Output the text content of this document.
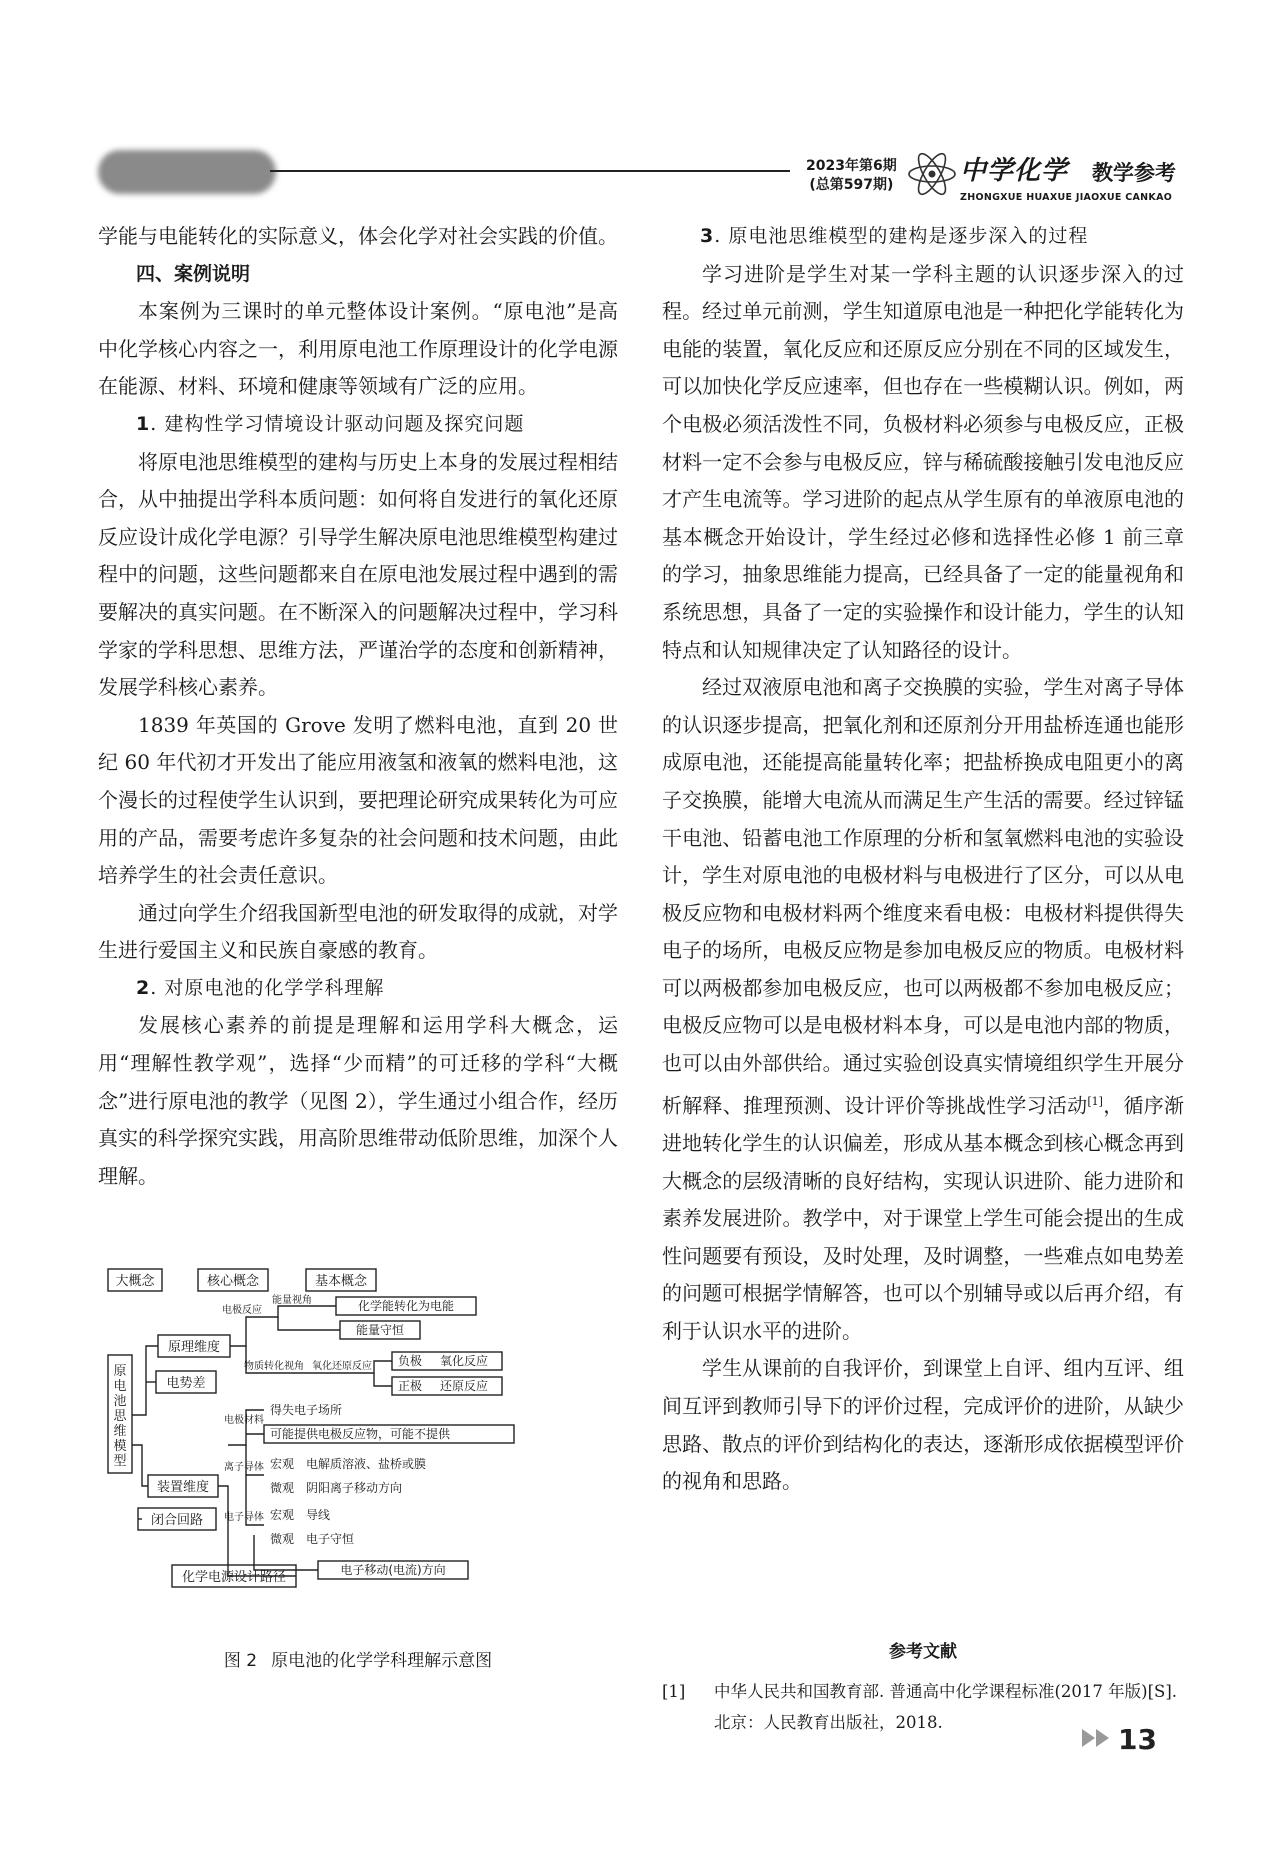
2023年第6期
(总第597期)	中学化学 教学参考
ZHONGXUE HUAXUE JIAOXUE CANKAO

学能与电能转化的实际意义，体会化学对社会实践的价值。

四、案例说明

本案例为三课时的单元整体设计案例。“原电池”是高中化学核心内容之一，利用原电池工作原理设计的化学电源在能源、材料、环境和健康等领域有广泛的应用。

1. 建构性学习情境设计驱动问题及探究问题

将原电池思维模型的建构与历史上本身的发展过程相结合，从中抽提出学科本质问题：如何将自发进行的氧化还原反应设计成化学电源？引导学生解决原电池思维模型构建过程中的问题，这些问题都来自在原电池发展过程中遇到的需要解决的真实问题。在不断深入的问题解决过程中，学习科学家的学科思想、思维方法，严谨治学的态度和创新精神，发展学科核心素养。

1839 年英国的 Grove 发明了燃料电池，直到 20 世纪 60 年代初才开发出了能应用液氢和液氧的燃料电池，这个漫长的过程使学生认识到，要把理论研究成果转化为可应用的产品，需要考虑许多复杂的社会问题和技术问题，由此培养学生的社会责任意识。

通过向学生介绍我国新型电池的研发取得的成就，对学生进行爱国主义和民族自豪感的教育。

2. 对原电池的化学学科理解

发展核心素养的前提是理解和运用学科大概念，运用“理解性教学观”，选择“少而精”的可迁移的学科“大概念”进行原电池的教学（见图 2），学生通过小组合作，经历真实的科学探究实践，用高阶思维带动低阶思维，加深个人理解。

大概念	核心概念	基本概念
原电池思维模型
原理维度
电势差
装置维度
闭合回路
化学电源设计路径
电极反应
能量视角
物质转化视角 氧化还原反应
电极材料
离子导体
电子导体
化学能转化为电能
能量守恒
负极 氧化反应
正极 还原反应
得失电子场所
可能提供电极反应物，可能不提供
宏观 电解质溶液、盐桥或膜
微观 阴阳离子移动方向
宏观 导线
微观 电子守恒
电子移动(电流)方向
图 2 原电池的化学学科理解示意图

3. 原电池思维模型的建构是逐步深入的过程

学习进阶是学生对某一学科主题的认识逐步深入的过程。经过单元前测，学生知道原电池是一种把化学能转化为电能的装置，氧化反应和还原反应分别在不同的区域发生，可以加快化学反应速率，但也存在一些模糊认识。例如，两个电极必须活泼性不同，负极材料必须参与电极反应，正极材料一定不会参与电极反应，锌与稀硫酸接触引发电池反应才产生电流等。学习进阶的起点从学生原有的单液原电池的基本概念开始设计，学生经过必修和选择性必修 1 前三章的学习，抽象思维能力提高，已经具备了一定的能量视角和系统思想，具备了一定的实验操作和设计能力，学生的认知特点和认知规律决定了认知路径的设计。

经过双液原电池和离子交换膜的实验，学生对离子导体的认识逐步提高，把氧化剂和还原剂分开用盐桥连通也能形成原电池，还能提高能量转化率；把盐桥换成电阻更小的离子交换膜，能增大电流从而满足生产生活的需要。经过锌锰干电池、铅蓄电池工作原理的分析和氢氧燃料电池的实验设计，学生对原电池的电极材料与电极进行了区分，可以从电极反应物和电极材料两个维度来看电极：电极材料提供得失电子的场所，电极反应物是参加电极反应的物质。电极材料可以两极都参加电极反应，也可以两极都不参加电极反应；电极反应物可以是电极材料本身，可以是电池内部的物质，也可以由外部供给。通过实验创设真实情境组织学生开展分析解释、推理预测、设计评价等挑战性学习活动[1]，循序渐进地转化学生的认识偏差，形成从基本概念到核心概念再到大概念的层级清晰的良好结构，实现认识进阶、能力进阶和素养发展进阶。教学中，对于课堂上学生可能会提出的生成性问题要有预设，及时处理，及时调整，一些难点如电势差的问题可根据学情解答，也可以个别辅导或以后再介绍，有利于认识水平的进阶。

学生从课前的自我评价，到课堂上自评、组内互评、组间互评到教师引导下的评价过程，完成评价的进阶，从缺少思路、散点的评价到结构化的表达，逐渐形成依据模型评价的视角和思路。

参考文献
[1] 中华人民共和国教育部. 普通高中化学课程标准(2017 年版)[S]. 北京：人民教育出版社，2018.
13
